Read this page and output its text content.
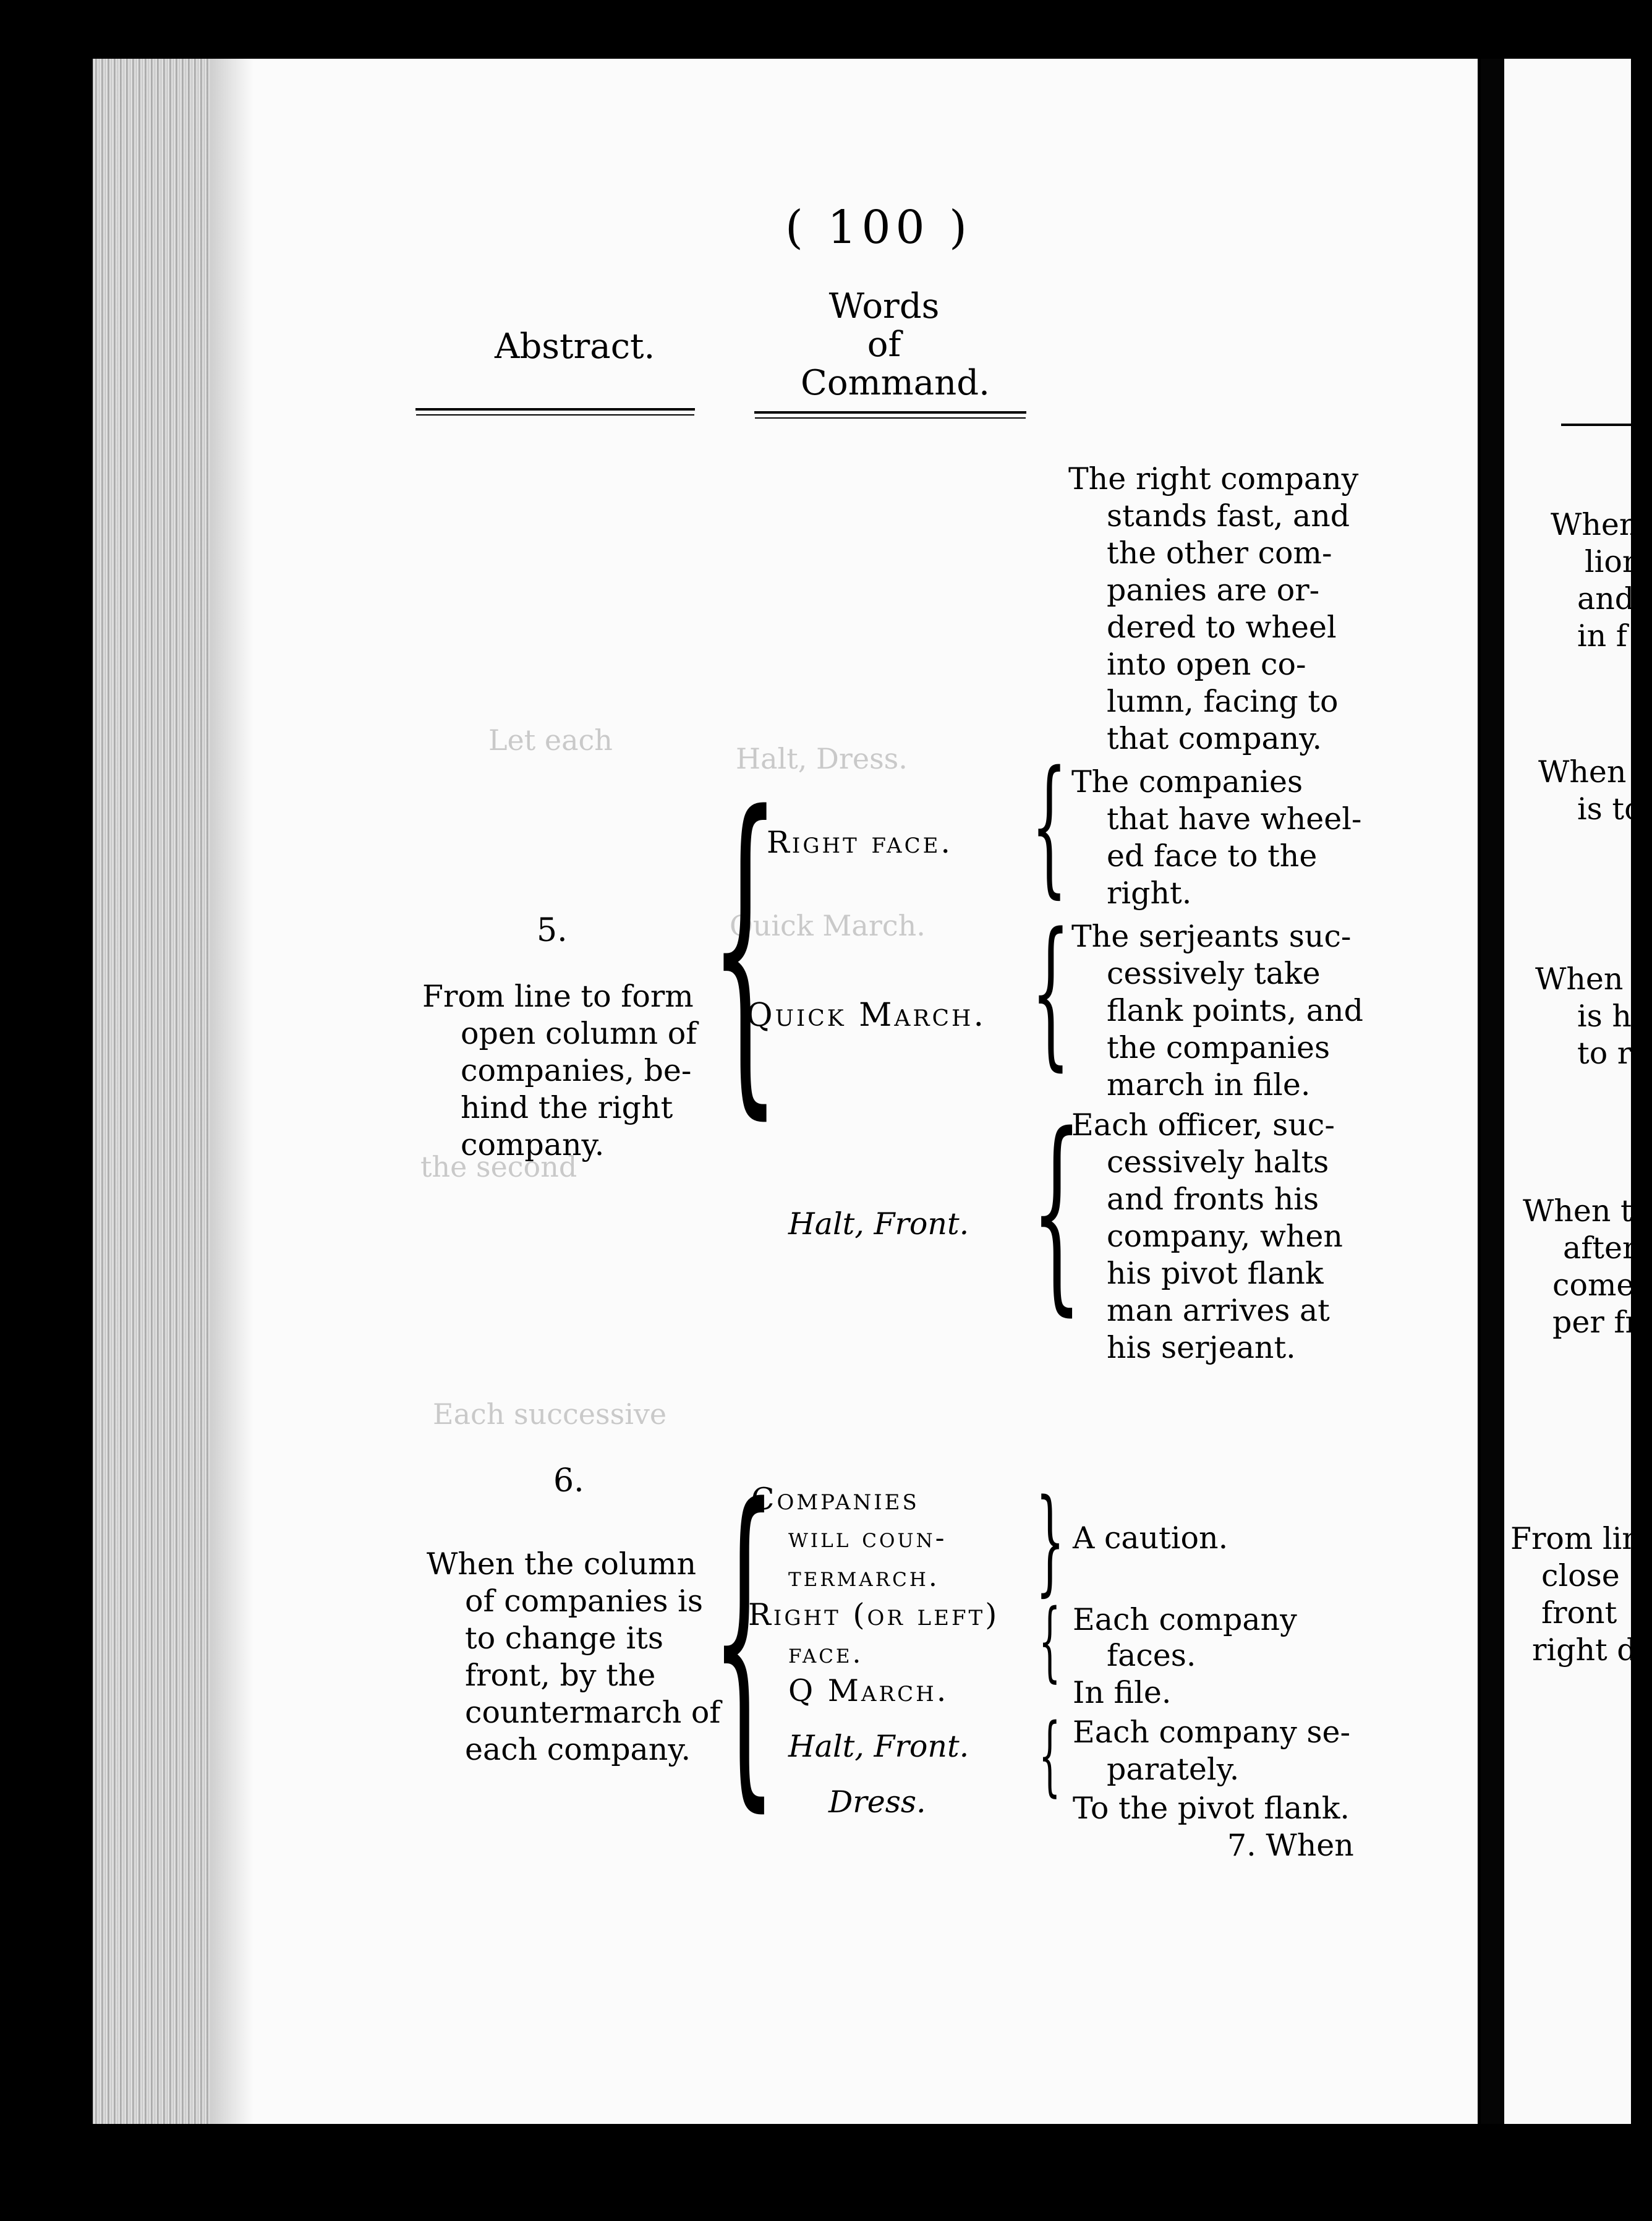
Let each
Halt, Dress.
Quick March.
the second
Each successive
( 100 )
Abstract.
Words
of
Command.
The right company
stands fast, and
the other com-
panies are or-
dered to wheel
into open co-
lumn, facing to
that company.
5.
From line to form
open column of
companies, be-
hind the right
company. {
Right face.
Quick March.
Halt, Front.
{
{
{
The companies
that have wheel-
ed face to the
right.
The serjeants suc-
cessively take
flank points, and
the companies
march in file.
Each officer, suc-
cessively halts
and fronts his
company, when
his pivot flank
man arrives at
his serjeant.
6.
When the column
of companies is
to change its
front, by the
countermarch of
each company. {
Companies
will coun-
termarch.
Right (or left)
face.
Q March.
Halt, Front.
Dress.
}
{
{
A caution.
Each company
faces.
In file.
Each company se-
parately.
To the pivot flank.
7. When
When
lion
and
in f
When
is to
When t
is ha
to re
When th
after
comes
per fr
From lin
close
front
right d
